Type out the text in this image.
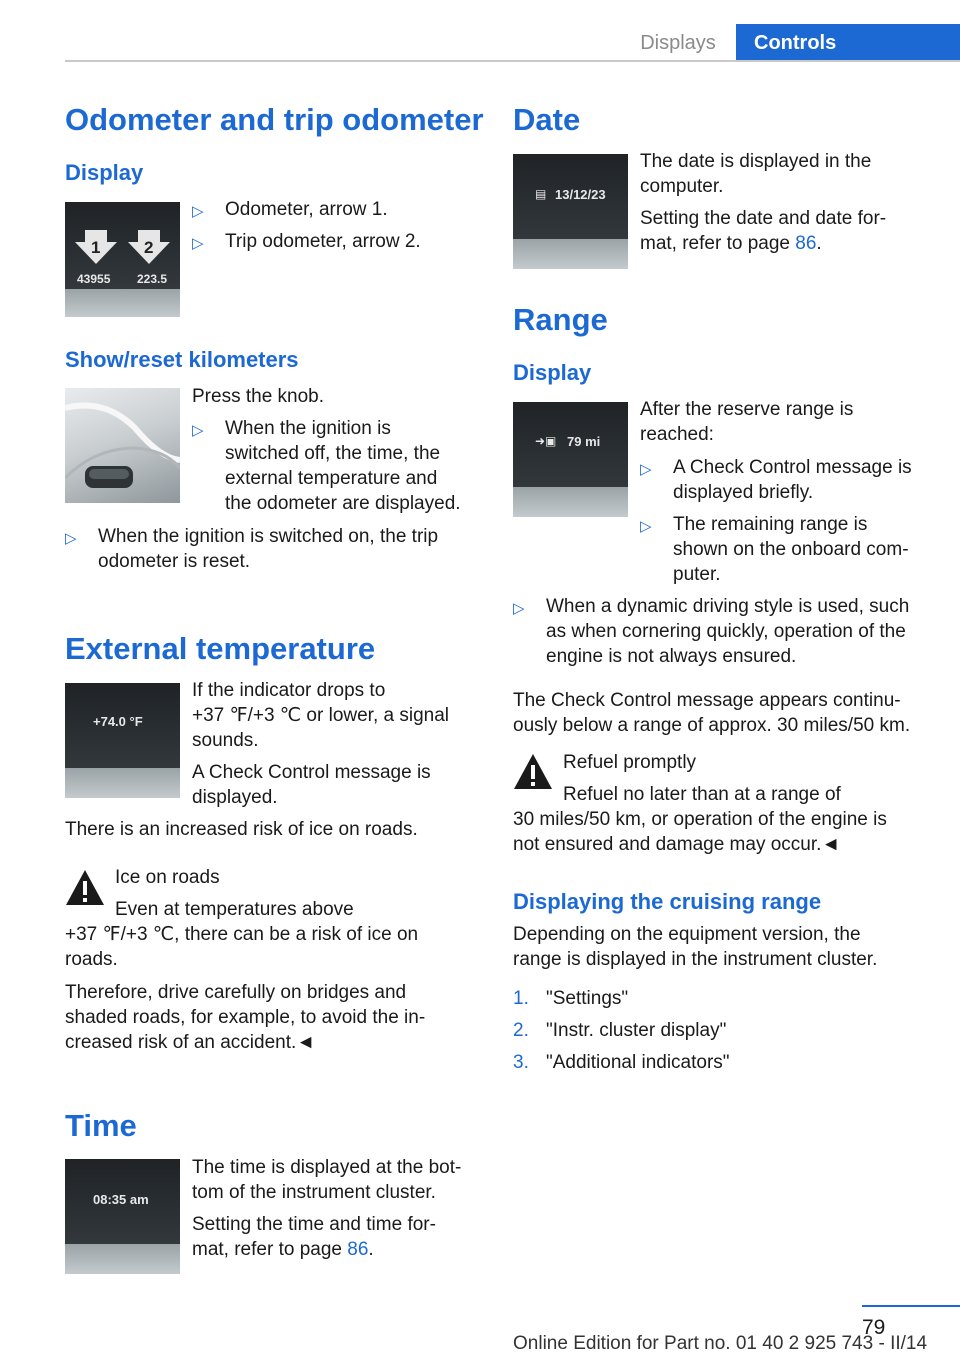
Displays	Controls
Odometer and trip odometer
Display
1	2
43955 223.5
▷	Odometer, arrow 1.
▷	Trip odometer, arrow 2.
Show/reset kilometers

Press the knob.

▷	When the ignition is
switched off, the time, the
external temperature and
the odometer are displayed.
▷	When the ignition is switched on, the trip
odometer is reset.
External temperature
+74.0 °F
If the indicator drops to
+37 ℉/+3 ℃ or lower, a signal
sounds.
A Check Control message is
displayed.

There is an increased risk of ice on roads.

Ice on roads

Even at temperatures above

+37 ℉/+3 ℃, there can be a risk of ice on

roads.

Therefore, drive carefully on bridges and
shaded roads, for example, to avoid the in‐
creased risk of an accident.◄
Time
08:35 am
The time is displayed at the bot‐
tom of the instrument cluster.
Setting the time and time for‐
mat, refer to page 86.
Date
▤ 13/12/23
The date is displayed in the
computer.
Setting the date and date for‐
mat, refer to page 86.
Range
Display
➜▣ 79 mi
After the reserve range is
reached:
▷	A Check Control message is
displayed briefly.
▷	The remaining range is
shown on the onboard com‐
puter.
▷	When a dynamic driving style is used, such
as when cornering quickly, operation of the
engine is not always ensured.
The Check Control message appears continu‐
ously below a range of approx. 30 miles/50 km.

Refuel promptly

Refuel no later than at a range of

30 miles/50 km, or operation of the engine is

not ensured and damage may occur.◄

Displaying the cruising range
Depending on the equipment version, the
range is displayed in the instrument cluster.
1. "Settings"
2. "Instr. cluster display"
3. "Additional indicators"
79
Online Edition for Part no. 01 40 2 925 743 - II/14
